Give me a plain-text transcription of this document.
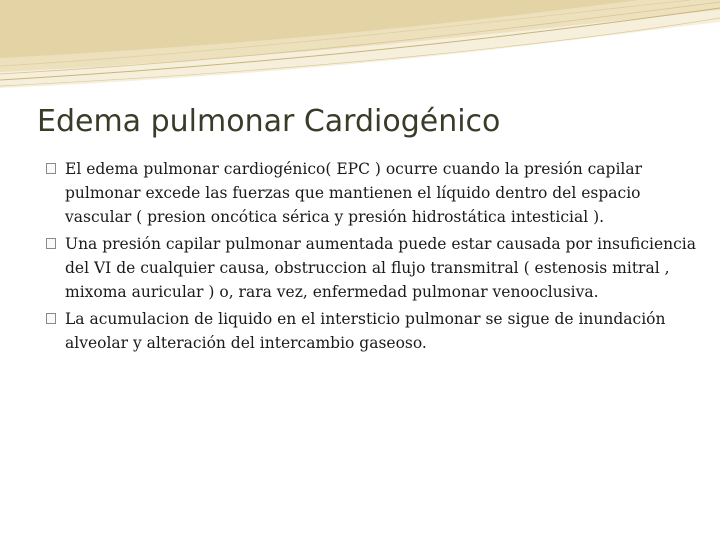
Edema pulmonar Cardiogénico
El edema pulmonar cardiogénico( EPC ) ocurre cuando la presión capilar pulmonar excede las fuerzas que mantienen el líquido dentro del espacio vascular ( presion oncótica sérica y presión hidrostática intesticial ).
Una presión capilar pulmonar aumentada puede estar causada por insuficiencia del VI de cualquier causa, obstruccion al flujo transmitral ( estenosis mitral , mixoma auricular ) o, rara vez, enfermedad pulmonar venooclusiva.
La acumulacion de liquido en el intersticio pulmonar se sigue de inundación alveolar y alteración del intercambio gaseoso.
